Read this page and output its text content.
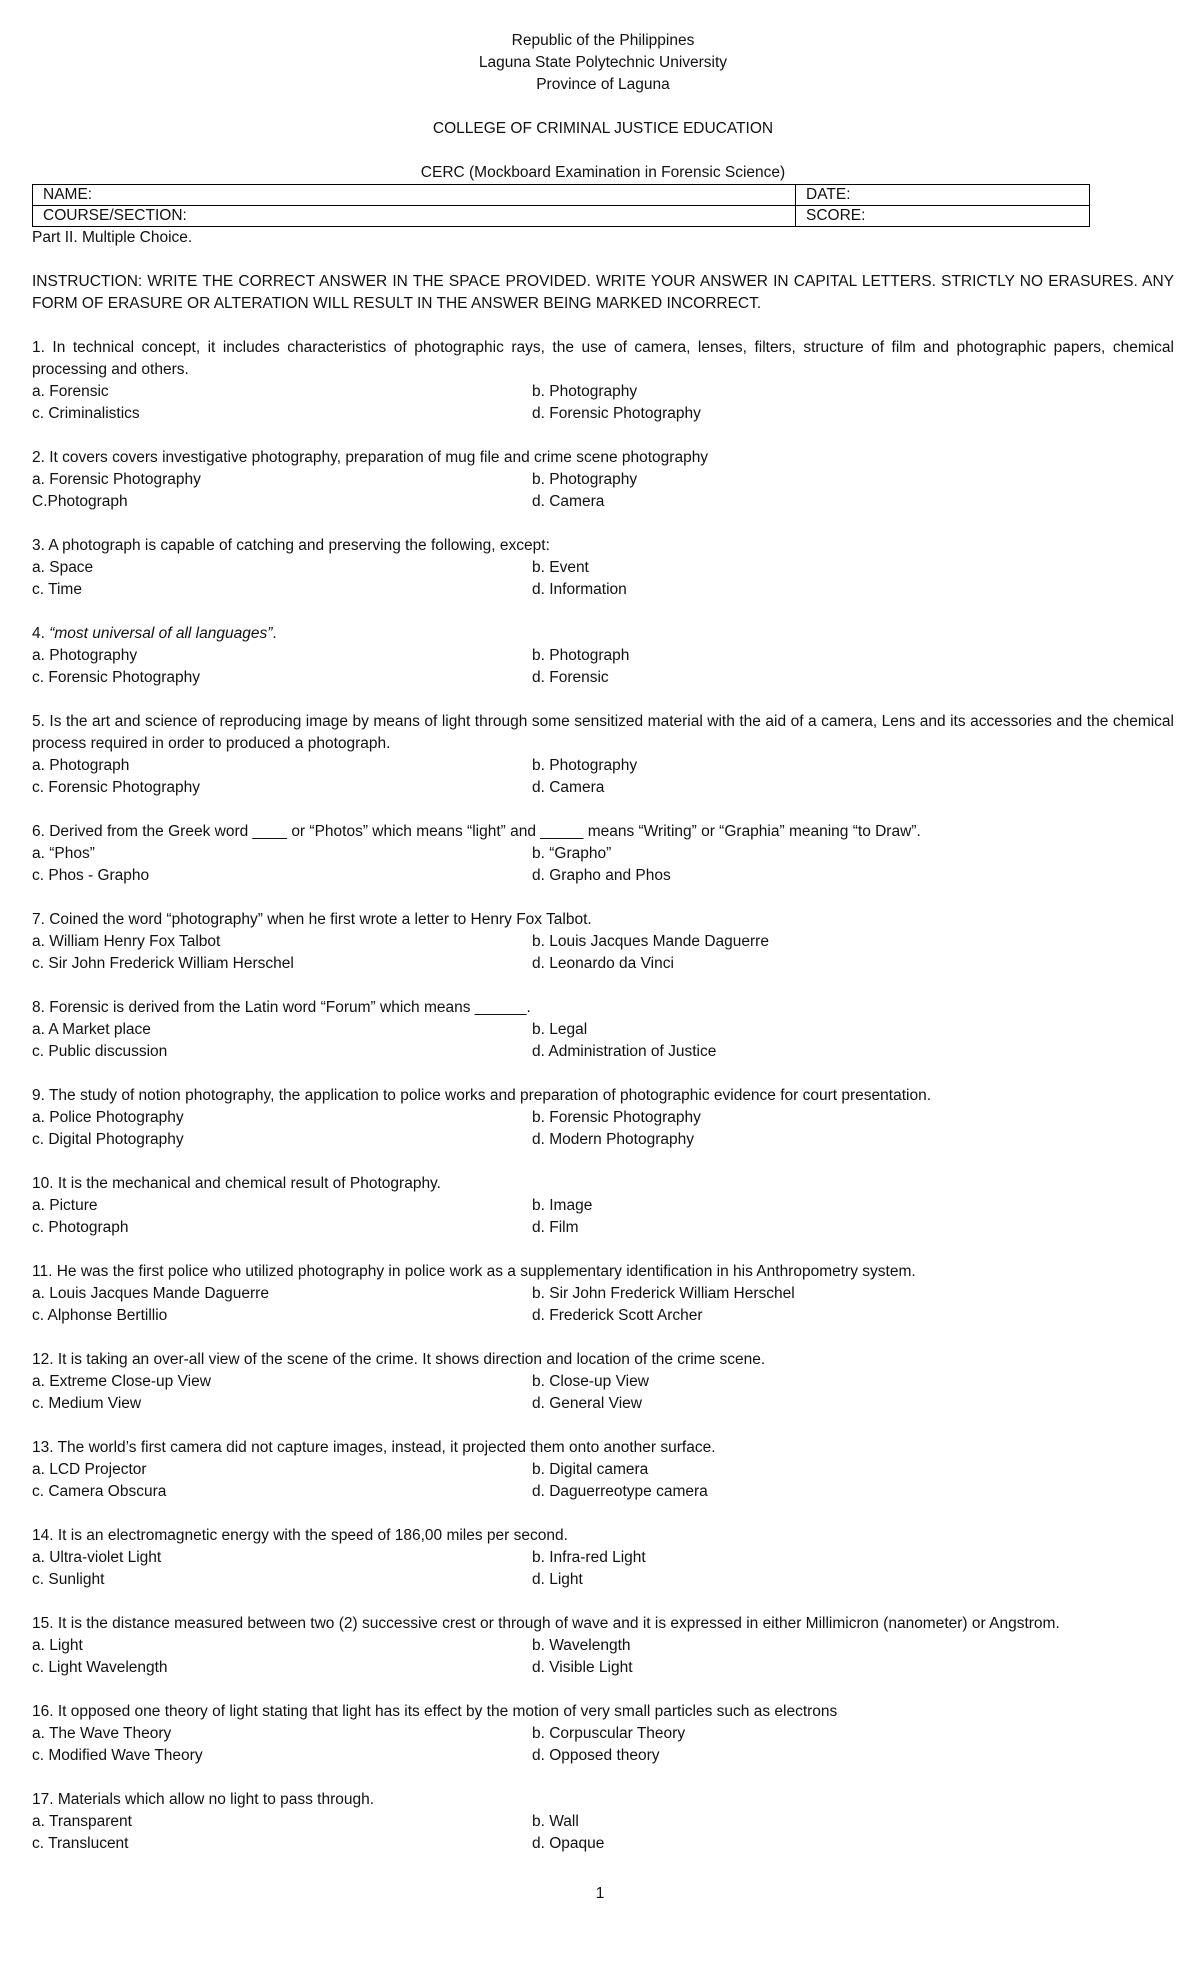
Republic of the Philippines
Laguna State Polytechnic University
Province of Laguna
COLLEGE OF CRIMINAL JUSTICE EDUCATION
CERC (Mockboard Examination in Forensic Science)
NAME:	DATE:
COURSE/SECTION:	SCORE:
Part II. Multiple Choice.
INSTRUCTION: WRITE THE CORRECT ANSWER IN THE SPACE PROVIDED. WRITE YOUR ANSWER IN CAPITAL LETTERS. STRICTLY NO ERASURES. ANY FORM OF ERASURE OR ALTERATION WILL RESULT IN THE ANSWER BEING MARKED INCORRECT.
1. In technical concept, it includes characteristics of photographic rays, the use of camera, lenses, filters, structure of film and photographic papers, chemical processing and others.
a. Forensic	b. Photography
c. Criminalistics	d. Forensic Photography
2. It covers covers investigative photography, preparation of mug file and crime scene photography
a. Forensic Photography	b. Photography
C.Photograph	d. Camera
3. A photograph is capable of catching and preserving the following, except:
a. Space	b. Event
c. Time	d. Information
4. “most universal of all languages”.
a. Photography	b. Photograph
c. Forensic Photography	d. Forensic
5. Is the art and science of reproducing image by means of light through some sensitized material with the aid of a camera, Lens and its accessories and the chemical process required in order to produced a photograph.
a. Photograph	b. Photography
c. Forensic Photography	d. Camera
6. Derived from the Greek word ____ or “Photos” which means “light” and _____ means “Writing” or “Graphia” meaning “to Draw”.
a. “Phos”	b. “Grapho”
c. Phos - Grapho	d. Grapho and Phos
7. Coined the word “photography” when he first wrote a letter to Henry Fox Talbot.
a. William Henry Fox Talbot	b. Louis Jacques Mande Daguerre
c. Sir John Frederick William Herschel	d. Leonardo da Vinci
8. Forensic is derived from the Latin word “Forum” which means ______.
a. A Market place	b. Legal
c. Public discussion	d. Administration of Justice
9. The study of notion photography, the application to police works and preparation of photographic evidence for court presentation.
a. Police Photography	b. Forensic Photography
c. Digital Photography	d. Modern Photography
10. It is the mechanical and chemical result of Photography.
a. Picture	b. Image
c. Photograph	d. Film
11. He was the first police who utilized photography in police work as a supplementary identification in his Anthropometry system.
a. Louis Jacques Mande Daguerre	b. Sir John Frederick William Herschel
c. Alphonse Bertillio	d. Frederick Scott Archer
12. It is taking an over-all view of the scene of the crime. It shows direction and location of the crime scene.
a. Extreme Close-up View	b. Close-up View
c. Medium View	d. General View
13. The world’s first camera did not capture images, instead, it projected them onto another surface.
a. LCD Projector	b. Digital camera
c. Camera Obscura	d. Daguerreotype camera
14. It is an electromagnetic energy with the speed of 186,00 miles per second.
a. Ultra-violet Light	b. Infra-red Light
c. Sunlight	d. Light
15. It is the distance measured between two (2) successive crest or through of wave and it is expressed in either Millimicron (nanometer) or Angstrom.
a. Light	b. Wavelength
c. Light Wavelength	d. Visible Light
16. It opposed one theory of light stating that light has its effect by the motion of very small particles such as electrons
a. The Wave Theory	b. Corpuscular Theory
c. Modified Wave Theory	d. Opposed theory
17. Materials which allow no light to pass through.
a. Transparent	b. Wall
c. Translucent	d. Opaque
1
